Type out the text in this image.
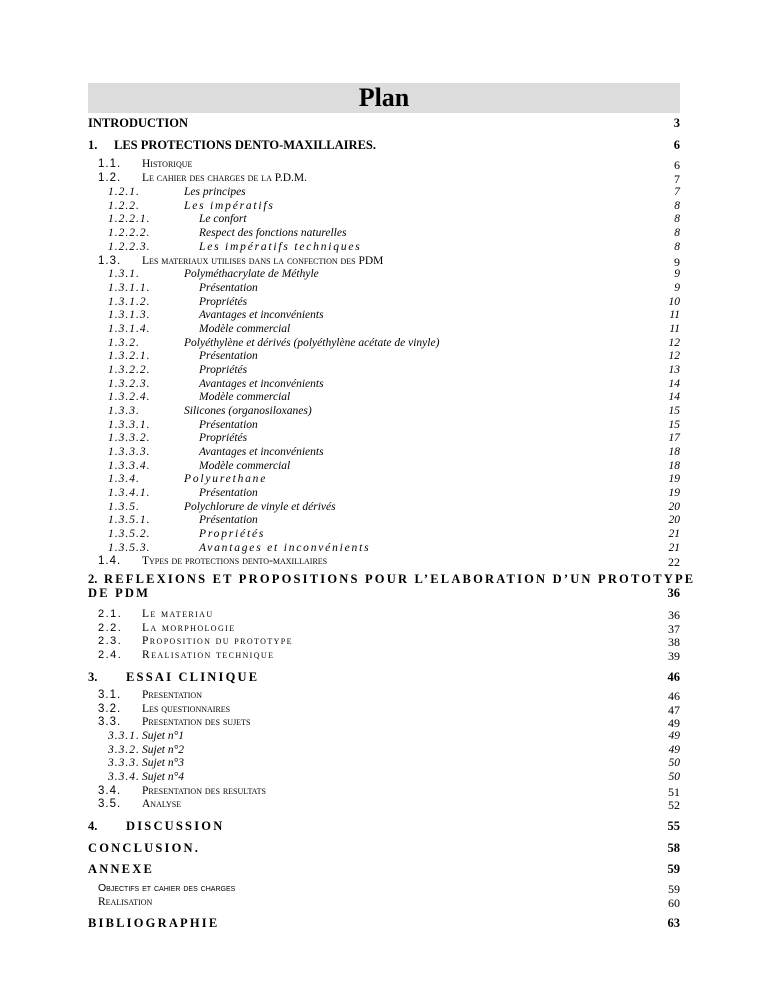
Plan
INTRODUCTION	3
1. LES PROTECTIONS DENTO-MAXILLAIRES.	6
1.1. Historique	6
1.2. Le cahier des charges de la P.D.M.	7
1.2.1.	Les principes	7
1.2.2.	Les impératifs	8
1.2.2.1.	Le confort	8
1.2.2.2.	Respect des fonctions naturelles	8
1.2.2.3.	Les impératifs techniques	8
1.3. Les materiaux utilises dans la confection des PDM	9
1.3.1.	Polyméthacrylate de Méthyle	9
1.3.1.1.	Présentation	9
1.3.1.2.	Propriétés	10
1.3.1.3.	Avantages et inconvénients	11
1.3.1.4.	Modèle commercial	11
1.3.2.	Polyéthylène et dérivés (polyéthylène acétate de vinyle)	12
1.3.2.1.	Présentation	12
1.3.2.2.	Propriétés	13
1.3.2.3.	Avantages et inconvénients	14
1.3.2.4.	Modèle commercial	14
1.3.3.	Silicones (organosiloxanes)	15
1.3.3.1.	Présentation	15
1.3.3.2.	Propriétés	17
1.3.3.3.	Avantages et inconvénients	18
1.3.3.4.	Modèle commercial	18
1.3.4.	Polyurethane	19
1.3.4.1.	Présentation	19
1.3.5.	Polychlorure de vinyle et dérivés	20
1.3.5.1.	Présentation	20
1.3.5.2.	Propriétés	21
1.3.5.3.	Avantages et inconvénients	21
1.4. Types de protections dento-maxillaires	22
2. REFLEXIONS ET PROPOSITIONS POUR L’ELABORATION D’UN PROTOTYPE
DE PDM	36
2.1. Le materiau	36
2.2. La morphologie	37
2.3. Proposition du prototype	38
2.4. Realisation technique	39
3. ESSAI CLINIQUE	46
3.1. Presentation	46
3.2. Les questionnaires	47
3.3. Presentation des sujets	49
3.3.1. Sujet n°1	49
3.3.2. Sujet n°2	49
3.3.3. Sujet n°3	50
3.3.4. Sujet n°4	50
3.4. Presentation des resultats	51
3.5. Analyse	52
4. DISCUSSION	55
CONCLUSION.	58
ANNEXE	59
Objectifs et cahier des charges	59
Realisation	60
BIBLIOGRAPHIE	63
